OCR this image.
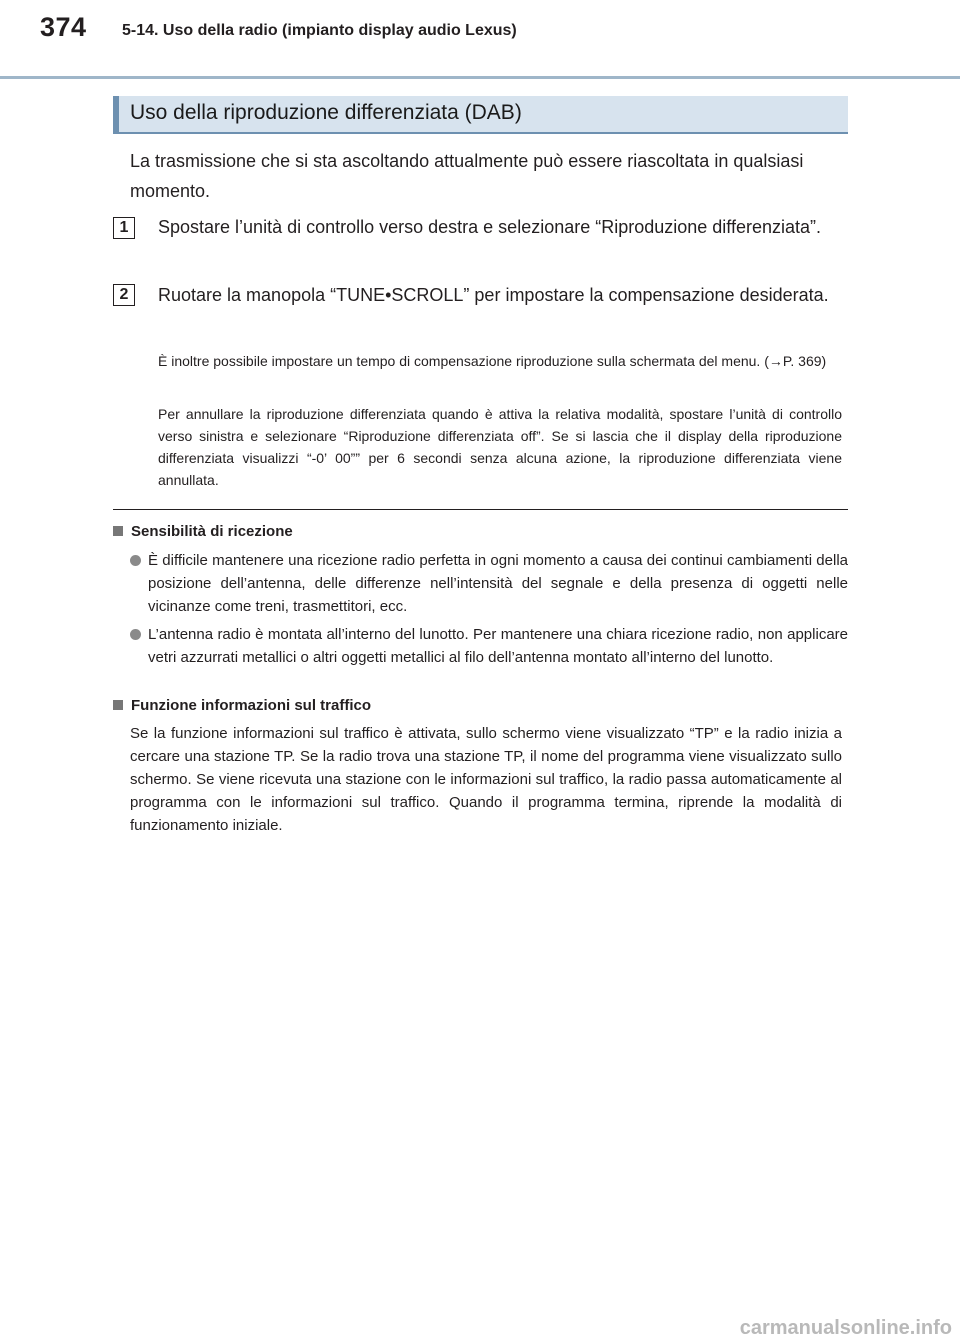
374 5-14. Uso della radio (impianto display audio Lexus)
Uso della riproduzione differenziata (DAB)
La trasmissione che si sta ascoltando attualmente può essere riascoltata in qualsiasi momento.
1	Spostare l’unità di controllo verso destra e selezionare “Riproduzione differenziata”.
2	Ruotare la manopola “TUNE•SCROLL” per impostare la compensazione desiderata.
È inoltre possibile impostare un tempo di compensazione riproduzione sulla schermata del menu. (→P. 369)
Per annullare la riproduzione differenziata quando è attiva la relativa modalità, spostare l’unità di controllo verso sinistra e selezionare “Riproduzione differenziata off”. Se si lascia che il display della riproduzione differenziata visualizzi “-0’ 00”” per 6 secondi senza alcuna azione, la riproduzione differenziata viene annullata.
Sensibilità di ricezione
È difficile mantenere una ricezione radio perfetta in ogni momento a causa dei continui cambiamenti della posizione dell’antenna, delle differenze nell’intensità del segnale e della presenza di oggetti nelle vicinanze come treni, trasmettitori, ecc.
L’antenna radio è montata all’interno del lunotto. Per mantenere una chiara ricezione radio, non applicare vetri azzurrati metallici o altri oggetti metallici al filo dell’antenna montato all’interno del lunotto.
Funzione informazioni sul traffico
Se la funzione informazioni sul traffico è attivata, sullo schermo viene visualizzato “TP” e la radio inizia a cercare una stazione TP. Se la radio trova una stazione TP, il nome del programma viene visualizzato sullo schermo. Se viene ricevuta una stazione con le informazioni sul traffico, la radio passa automaticamente al programma con le informazioni sul traffico. Quando il programma termina, riprende la modalità di funzionamento iniziale.
carmanualsonline.info
